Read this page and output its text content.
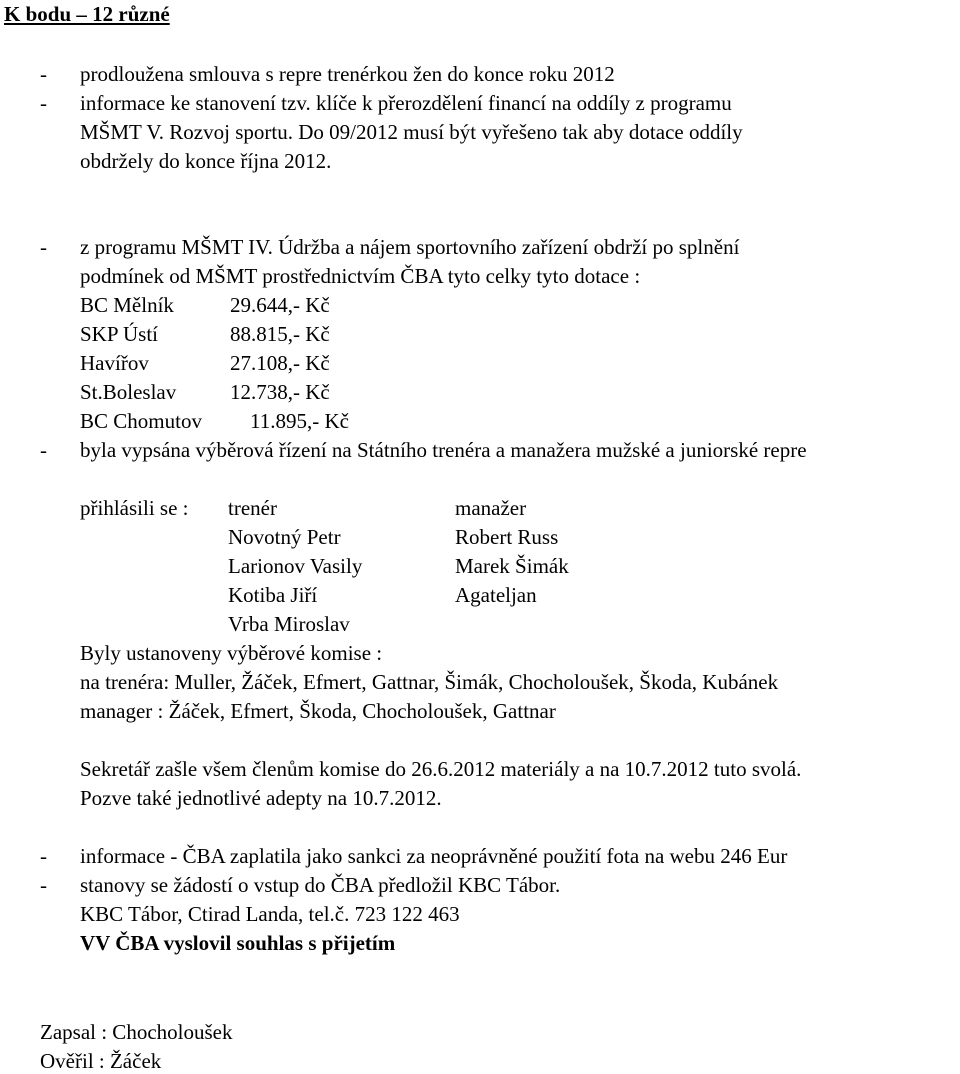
K bodu – 12 různé
- prodloužena smlouva s repre trenérkou žen do konce roku 2012
- informace ke stanovení tzv. klíče k přerozdělení financí na oddíly z programu
MŠMT V. Rozvoj sportu. Do 09/2012 musí být vyřešeno tak aby dotace oddíly
obdržely do konce října 2012.
- z programu MŠMT IV. Údržba a nájem sportovního zařízení obdrží po splnění
podmínek od MŠMT prostřednictvím ČBA tyto celky tyto dotace :
BC Mělník	29.644,- Kč
SKP Ústí	88.815,- Kč
Havířov	27.108,- Kč
St.Boleslav	12.738,- Kč
BC Chomutov 11.895,- Kč
- byla vypsána výběrová řízení na Státního trenéra a manažera mužské a juniorské repre
přihlásili se : trenér	manažer
Novotný Petr	Robert Russ
Larionov Vasily	Marek Šimák
Kotiba Jiří	Agateljan
Vrba Miroslav
Byly ustanoveny výběrové komise :
na trenéra: Muller, Žáček, Efmert, Gattnar, Šimák, Chocholoušek, Škoda, Kubánek
manager : Žáček, Efmert, Škoda, Chocholoušek, Gattnar
Sekretář zašle všem členům komise do 26.6.2012 materiály a na 10.7.2012 tuto svolá.
Pozve také jednotlivé adepty na 10.7.2012.
- informace - ČBA zaplatila jako sankci za neoprávněné použití fota na webu 246 Eur
- stanovy se žádostí o vstup do ČBA předložil KBC Tábor.
KBC Tábor, Ctirad Landa, tel.č. 723 122 463
VV ČBA vyslovil souhlas s přijetím
Zapsal : Chocholoušek
Ověřil : Žáček
